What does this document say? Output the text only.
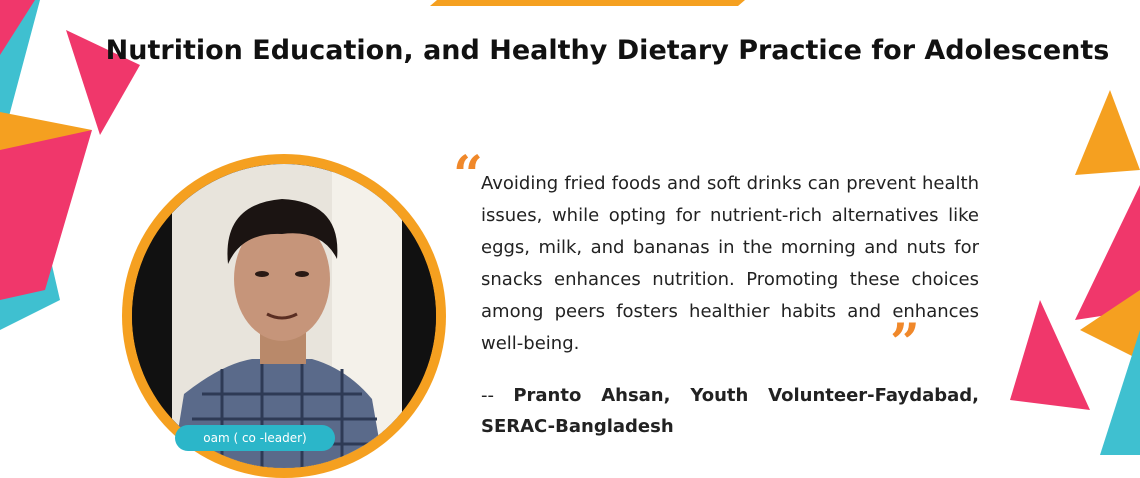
Nutrition Education, and Healthy Dietary Practice for Adolescents
oam ( co -leader)
“

Avoiding fried foods and soft drinks can prevent health issues, while opting for nutrient-rich alternatives like eggs, milk, and bananas in the morning and nuts for snacks enhances nutrition. Promoting these choices among peers fosters healthier habits and enhances well-being.	”

-- Pranto Ahsan, Youth Volunteer-Faydabad, SERAC-Bangladesh
